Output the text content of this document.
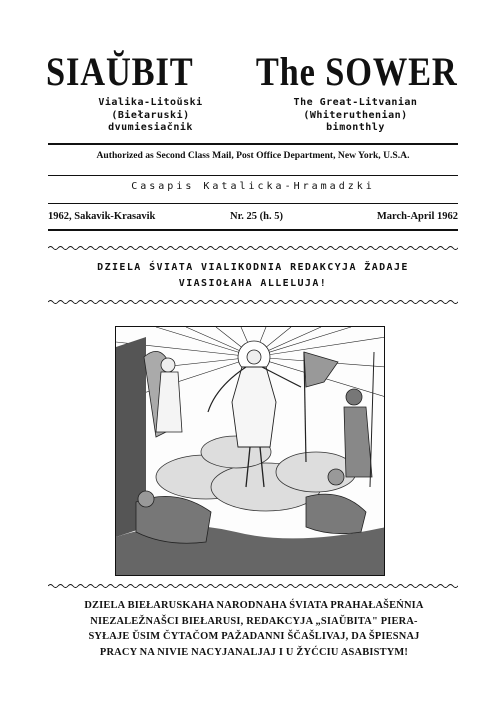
SIAŬBIT The SOWER
Vialika-Litoŭski
(Biełaruski)
dvumiesiačnik
The Great-Litvanian
(Whiteruthenian)
bimonthly
Authorized as Second Class Mail, Post Office Department, New York, U.S.A.
Casapis Katalicka-Hramadzki
1962, Sakavik-Krasavik	Nr. 25 (h. 5)	March-April 1962
DZIELA ŚVIATA VIALIKODNIA REDAKCYJA ŽADAJE
VIASIOŁAHA ALLELUJA!
DZIELA BIEŁARUSKAHA NARODNAHA ŚVIATA PRAHAŁAŠEŃNIA
NIEZALEŽNAŠCI BIEŁARUSI, REDAKCYJA „SIAŬBITA" PIERA-
SYŁAJE ŬSIM ČYTAČOM PAŽADANNI ŠČAŠLIVAJ, DA ŠPIESNAJ
PRACY NA NIVIE NACYJANALJAJ I U ŽYĆCIU ASABISTYM!
